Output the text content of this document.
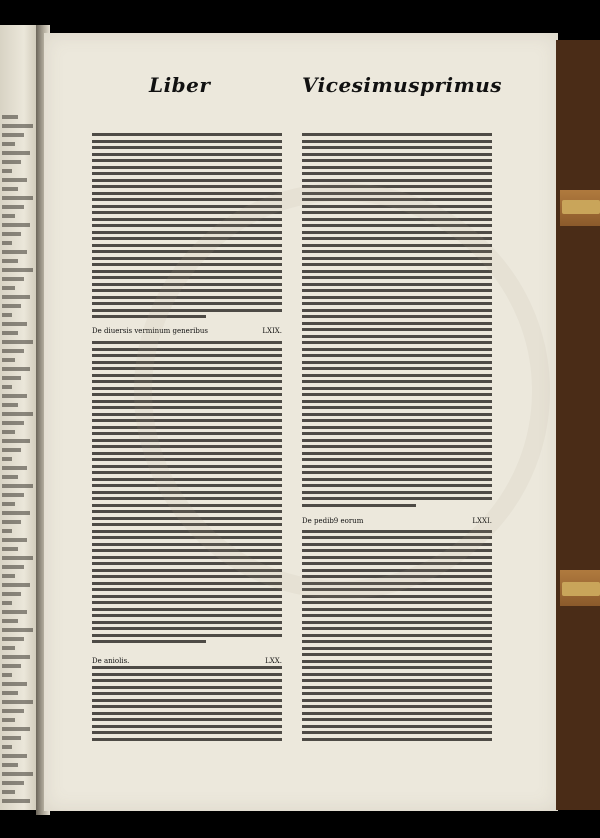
Liber	Vicesimusprimus
De diuersis verminum generibus	LXIX.
De aniolis.	LXX.
De pedib9 eorum	LXXI.
